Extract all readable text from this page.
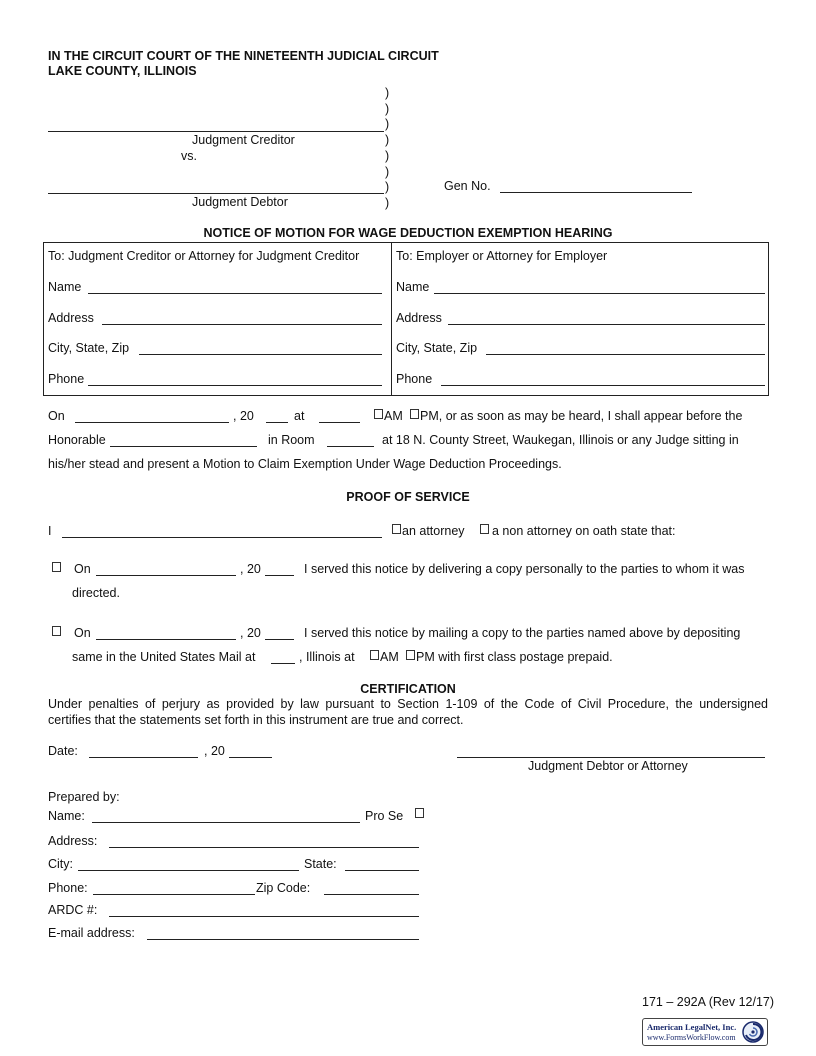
IN THE CIRCUIT COURT OF THE NINETEENTH JUDICIAL CIRCUIT
LAKE COUNTY, ILLINOIS
)
)
)
)
)
)
)
)
Judgment Creditor
vs.
Judgment Debtor
Gen No.
NOTICE OF MOTION FOR WAGE DEDUCTION EXEMPTION HEARING
To: Judgment Creditor or Attorney for Judgment Creditor
Name
Address
City, State, Zip
Phone
To: Employer or Attorney for Employer
Name
Address
City, State, Zip
Phone
On	, 20	at	AM PM, or as soon as may be heard, I shall appear before the
Honorable	in Room	at 18 N. County Street, Waukegan, Illinois or any Judge sitting in
his/her stead and present a Motion to Claim Exemption Under Wage Deduction Proceedings.
PROOF OF SERVICE
I	an attorney a non attorney on oath state that:
On	, 20	I served this notice by delivering a copy personally to the parties to whom it was
directed.
On	, 20	I served this notice by mailing a copy to the parties named above by depositing
same in the United States Mail at	, Illinois at AM PM with first class postage prepaid.
CERTIFICATION
Under penalties of perjury as provided by law pursuant to Section 1-109 of the Code of Civil Procedure, the undersigned
certifies that the statements set forth in this instrument are true and correct.
Date:	, 20
Judgment Debtor or Attorney
Prepared by:
Name:	Pro Se
Address:
City:	State:
Phone:	Zip Code:
ARDC #:
E-mail address:
171 – 292A (Rev 12/17)
American LegalNet, Inc.
www.FormsWorkFlow.com
